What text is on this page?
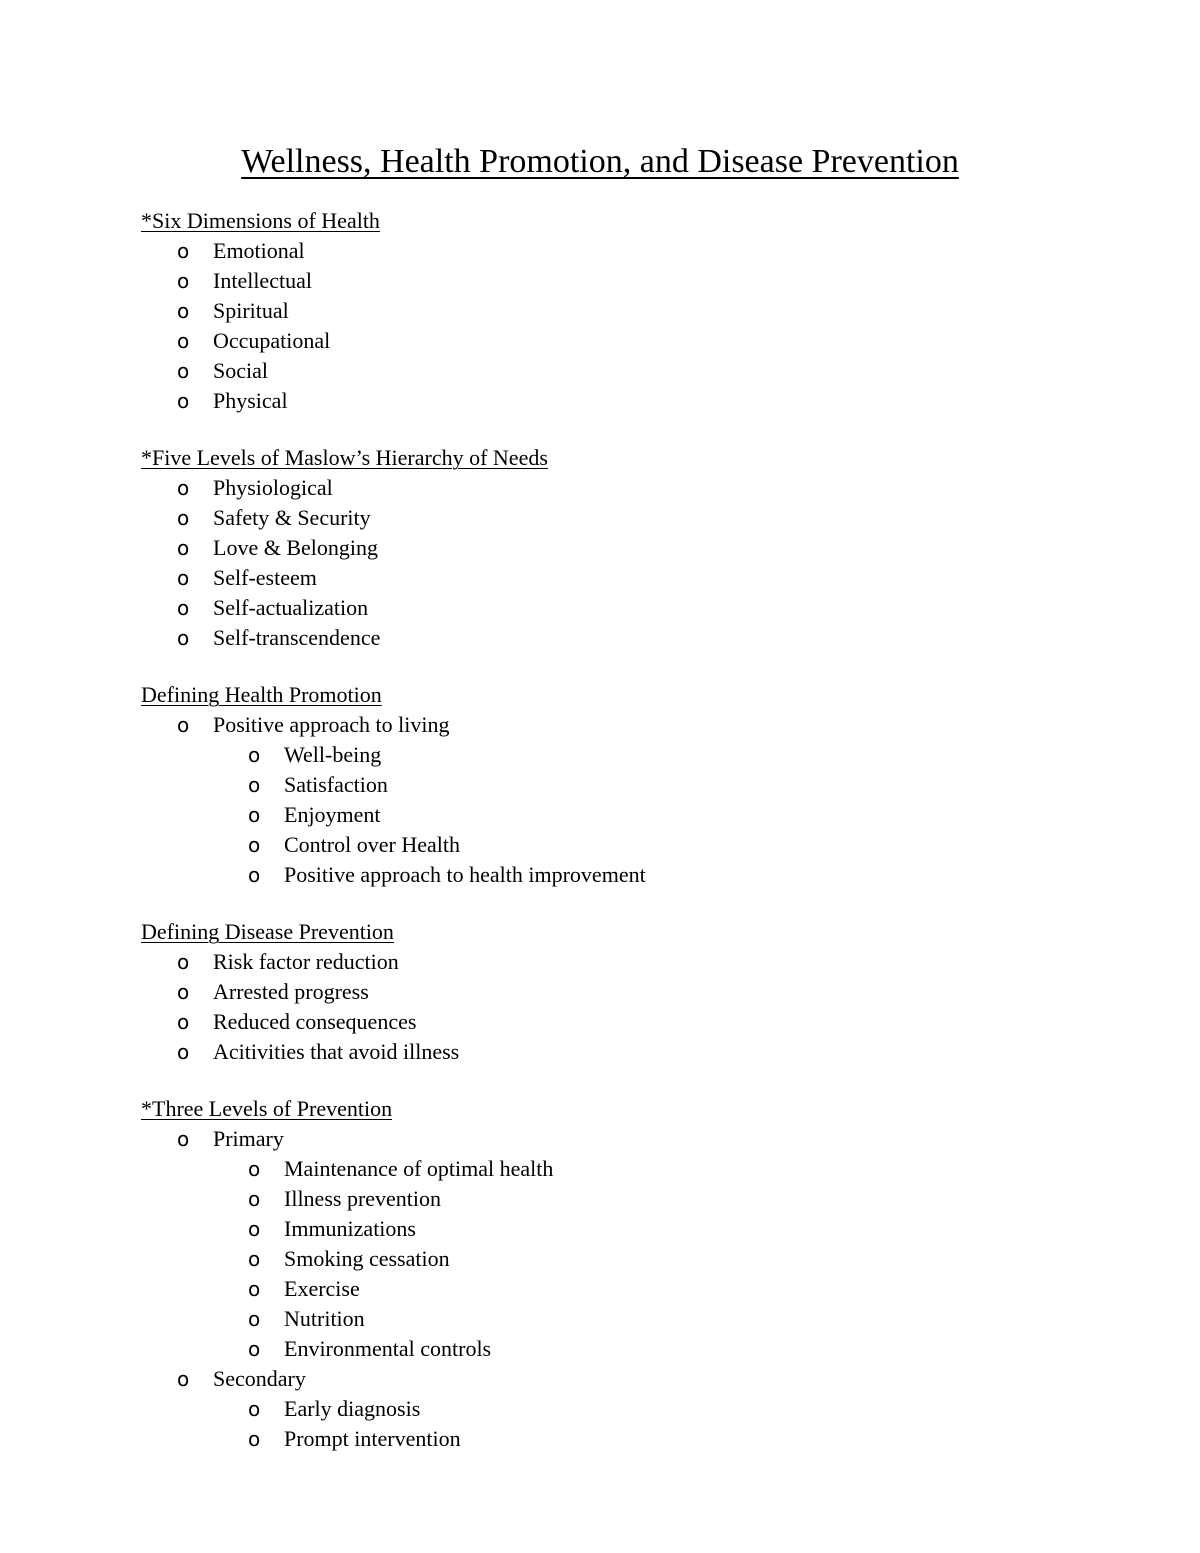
Wellness, Health Promotion, and Disease Prevention
*Six Dimensions of Health
o	Emotional
o	Intellectual
o	Spiritual
o	Occupational
o	Social
o	Physical
*Five Levels of Maslow’s Hierarchy of Needs
o	Physiological
o	Safety & Security
o	Love & Belonging
o	Self-esteem
o	Self-actualization
o	Self-transcendence
Defining Health Promotion
o	Positive approach to living
o	Well-being
o	Satisfaction
o	Enjoyment
o	Control over Health
o	Positive approach to health improvement
Defining Disease Prevention
o	Risk factor reduction
o	Arrested progress
o	Reduced consequences
o	Acitivities that avoid illness
*Three Levels of Prevention
o	Primary
o	Maintenance of optimal health
o	Illness prevention
o	Immunizations
o	Smoking cessation
o	Exercise
o	Nutrition
o	Environmental controls
o	Secondary
o	Early diagnosis
o	Prompt intervention
